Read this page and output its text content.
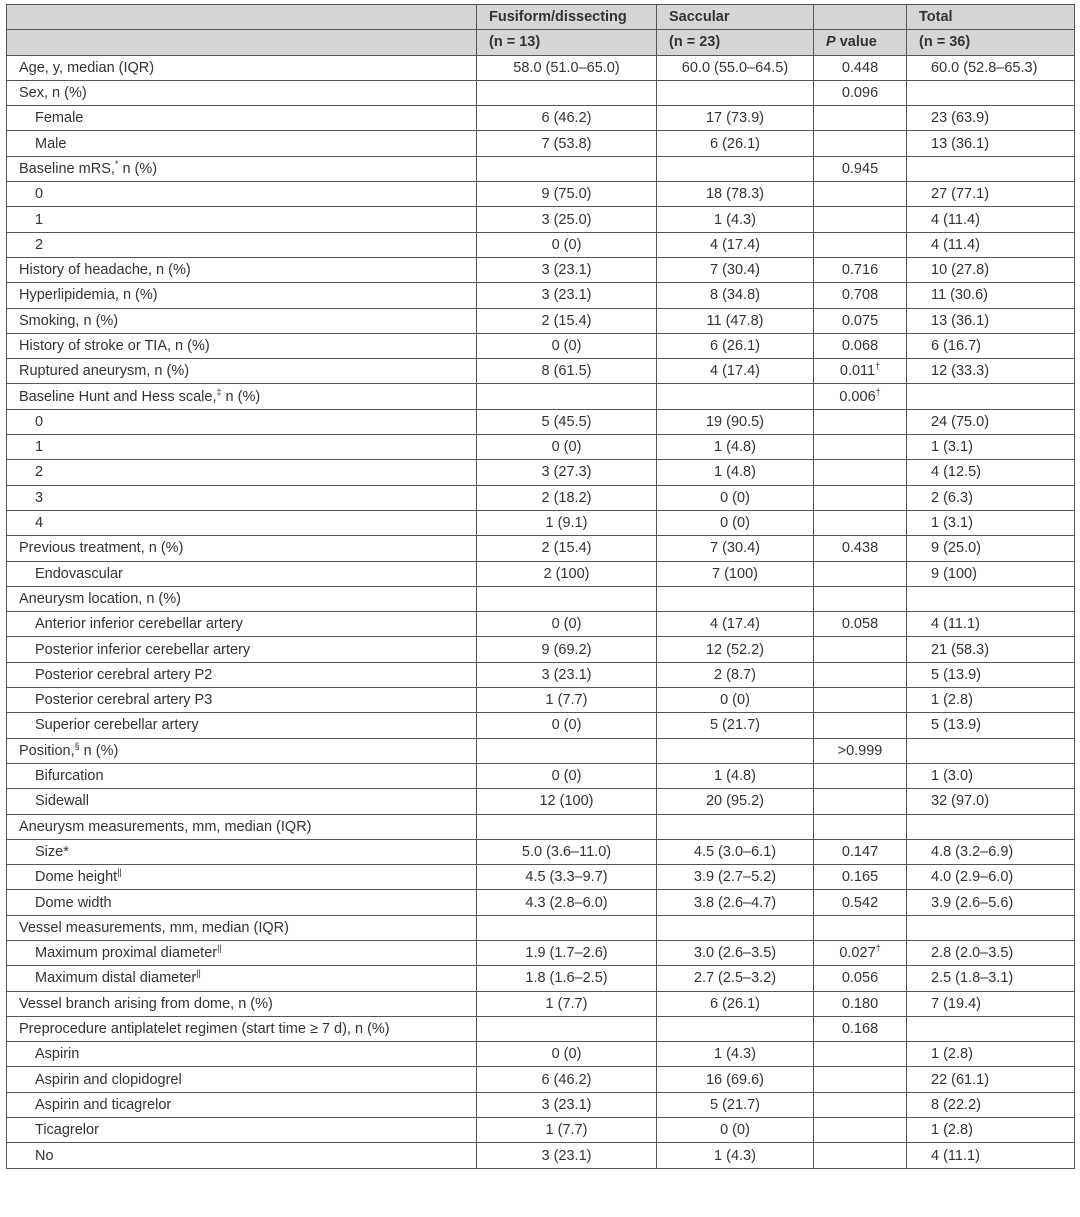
	Fusiform/dissecting	Saccular		Total
	(n = 13)	(n = 23)	P value	(n = 36)
Age, y, median (IQR)	58.0 (51.0–65.0)	60.0 (55.0–64.5)	0.448	60.0 (52.8–65.3)
Sex, n (%)			0.096	
Female	6 (46.2)	17 (73.9)		23 (63.9)
Male	7 (53.8)	6 (26.1)		13 (36.1)
Baseline mRS,* n (%)			0.945	
0	9 (75.0)	18 (78.3)		27 (77.1)
1	3 (25.0)	1 (4.3)		4 (11.4)
2	0 (0)	4 (17.4)		4 (11.4)
History of headache, n (%)	3 (23.1)	7 (30.4)	0.716	10 (27.8)
Hyperlipidemia, n (%)	3 (23.1)	8 (34.8)	0.708	11 (30.6)
Smoking, n (%)	2 (15.4)	11 (47.8)	0.075	13 (36.1)
History of stroke or TIA, n (%)	0 (0)	6 (26.1)	0.068	6 (16.7)
Ruptured aneurysm, n (%)	8 (61.5)	4 (17.4)	0.011†	12 (33.3)
Baseline Hunt and Hess scale,‡ n (%)			0.006†	
0	5 (45.5)	19 (90.5)		24 (75.0)
1	0 (0)	1 (4.8)		1 (3.1)
2	3 (27.3)	1 (4.8)		4 (12.5)
3	2 (18.2)	0 (0)		2 (6.3)
4	1 (9.1)	0 (0)		1 (3.1)
Previous treatment, n (%)	2 (15.4)	7 (30.4)	0.438	9 (25.0)
Endovascular	2 (100)	7 (100)		9 (100)
Aneurysm location, n (%)				
Anterior inferior cerebellar artery	0 (0)	4 (17.4)	0.058	4 (11.1)
Posterior inferior cerebellar artery	9 (69.2)	12 (52.2)		21 (58.3)
Posterior cerebral artery P2	3 (23.1)	2 (8.7)		5 (13.9)
Posterior cerebral artery P3	1 (7.7)	0 (0)		1 (2.8)
Superior cerebellar artery	0 (0)	5 (21.7)		5 (13.9)
Position,§ n (%)			>0.999	
Bifurcation	0 (0)	1 (4.8)		1 (3.0)
Sidewall	12 (100)	20 (95.2)		32 (97.0)
Aneurysm measurements, mm, median (IQR)				
Size*	5.0 (3.6–11.0)	4.5 (3.0–6.1)	0.147	4.8 (3.2–6.9)
Dome height||	4.5 (3.3–9.7)	3.9 (2.7–5.2)	0.165	4.0 (2.9–6.0)
Dome width	4.3 (2.8–6.0)	3.8 (2.6–4.7)	0.542	3.9 (2.6–5.6)
Vessel measurements, mm, median (IQR)				
Maximum proximal diameter||	1.9 (1.7–2.6)	3.0 (2.6–3.5)	0.027†	2.8 (2.0–3.5)
Maximum distal diameter||	1.8 (1.6–2.5)	2.7 (2.5–3.2)	0.056	2.5 (1.8–3.1)
Vessel branch arising from dome, n (%)	1 (7.7)	6 (26.1)	0.180	7 (19.4)
Preprocedure antiplatelet regimen (start time ≥ 7 d), n (%)			0.168	
Aspirin	0 (0)	1 (4.3)		1 (2.8)
Aspirin and clopidogrel	6 (46.2)	16 (69.6)		22 (61.1)
Aspirin and ticagrelor	3 (23.1)	5 (21.7)		8 (22.2)
Ticagrelor	1 (7.7)	0 (0)		1 (2.8)
No	3 (23.1)	1 (4.3)		4 (11.1)
